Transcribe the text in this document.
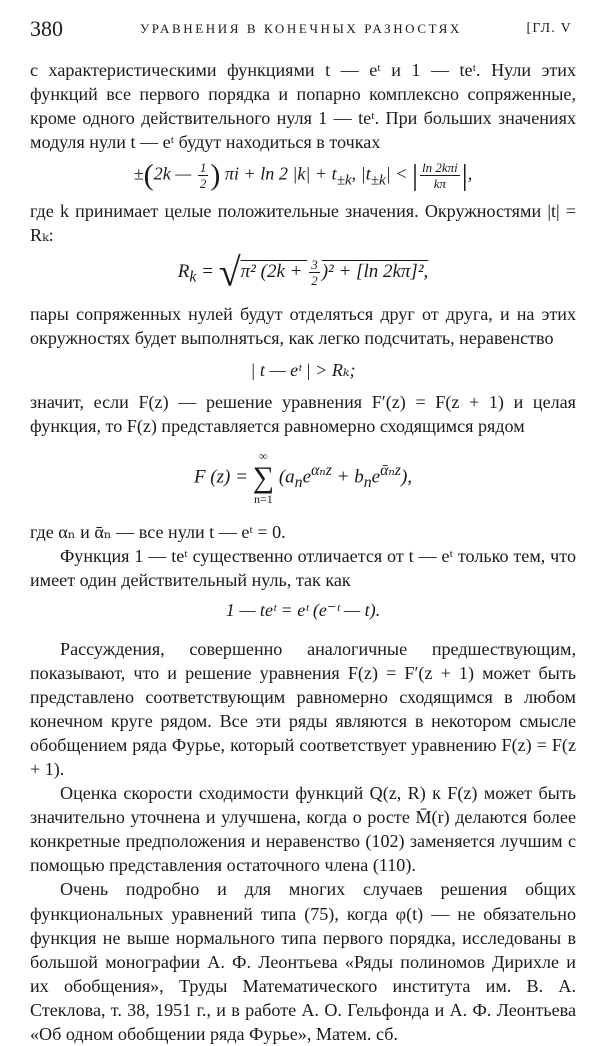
380	УРАВНЕНИЯ В КОНЕЧНЫХ РАЗНОСТЯХ	[ГЛ. V

с характеристическими функциями t — eᵗ и 1 — teᵗ. Нули этих функций все первого порядка и попарно комплексно сопряженные, кроме одного действительного нуля 1 — teᵗ. При больших значениях модуля нули t — eᵗ будут находиться в точках

±(2k — $\frac{1}{2}$ ) πi + ln 2 $|k| + t_{\pm k}$, $|t_{\pm k}|$ < | $\frac{\text{ln 2kπi}}{k\pi}$ |,

где k принимает целые положительные значения. Окружностями |t| = Rₖ:

$R_k = √\pi^2$ $(2k + \frac{3}{2} )^2 + [\ln$ 2kπ]²,

пары сопряженных нулей будут отделяться друг от друга, и на этих окружностях будет выполняться, как легко подсчитать, неравенство

| t — eᵗ | > Rₖ;

значит, если F(z) — решение уравнения F′(z) = F(z + 1) и целая функция, то F(z) представляется равномерно сходящимся рядом

F (z) = ∞
∑
n=1 $(a_ne^{\alpha_nz} + b_ne^{ᾱ_nz})$,

где αₙ и ᾱₙ — все нули t — eᵗ = 0.

Функция 1 — teᵗ существенно отличается от t — eᵗ только тем, что имеет один действительный нуль, так как

1 — teᵗ = eᵗ (e⁻ᵗ — t).

Рассуждения, совершенно аналогичные предшествующим, показывают, что и решение уравнения F(z) = F′(z + 1) может быть представлено соответствующим равномерно сходящимся в любом конечном круге рядом. Все эти ряды являются в некотором смысле обобщением ряда Фурье, который соответствует уравнению F(z) = F(z + 1).

Оценка скорости сходимости функций Q(z, R) к F(z) может быть значительно уточнена и улучшена, когда о росте M̄(r) делаются более конкретные предположения и неравенство (102) заменяется лучшим с помощью представления остаточного члена (110).

Очень подробно и для многих случаев решения общих функциональных уравнений типа (75), когда φ(t) — не обязательно функция не выше нормального типа первого порядка, исследованы в большой монографии А. Ф. Леонтьева «Ряды полиномов Дирихле и их обобщения», Труды Математического института им. В. А. Стеклова, т. 38, 1951 г., и в работе А. О. Гельфонда и А. Ф. Леонтьева «Об одном обобщении ряда Фурье», Матем. сб.
